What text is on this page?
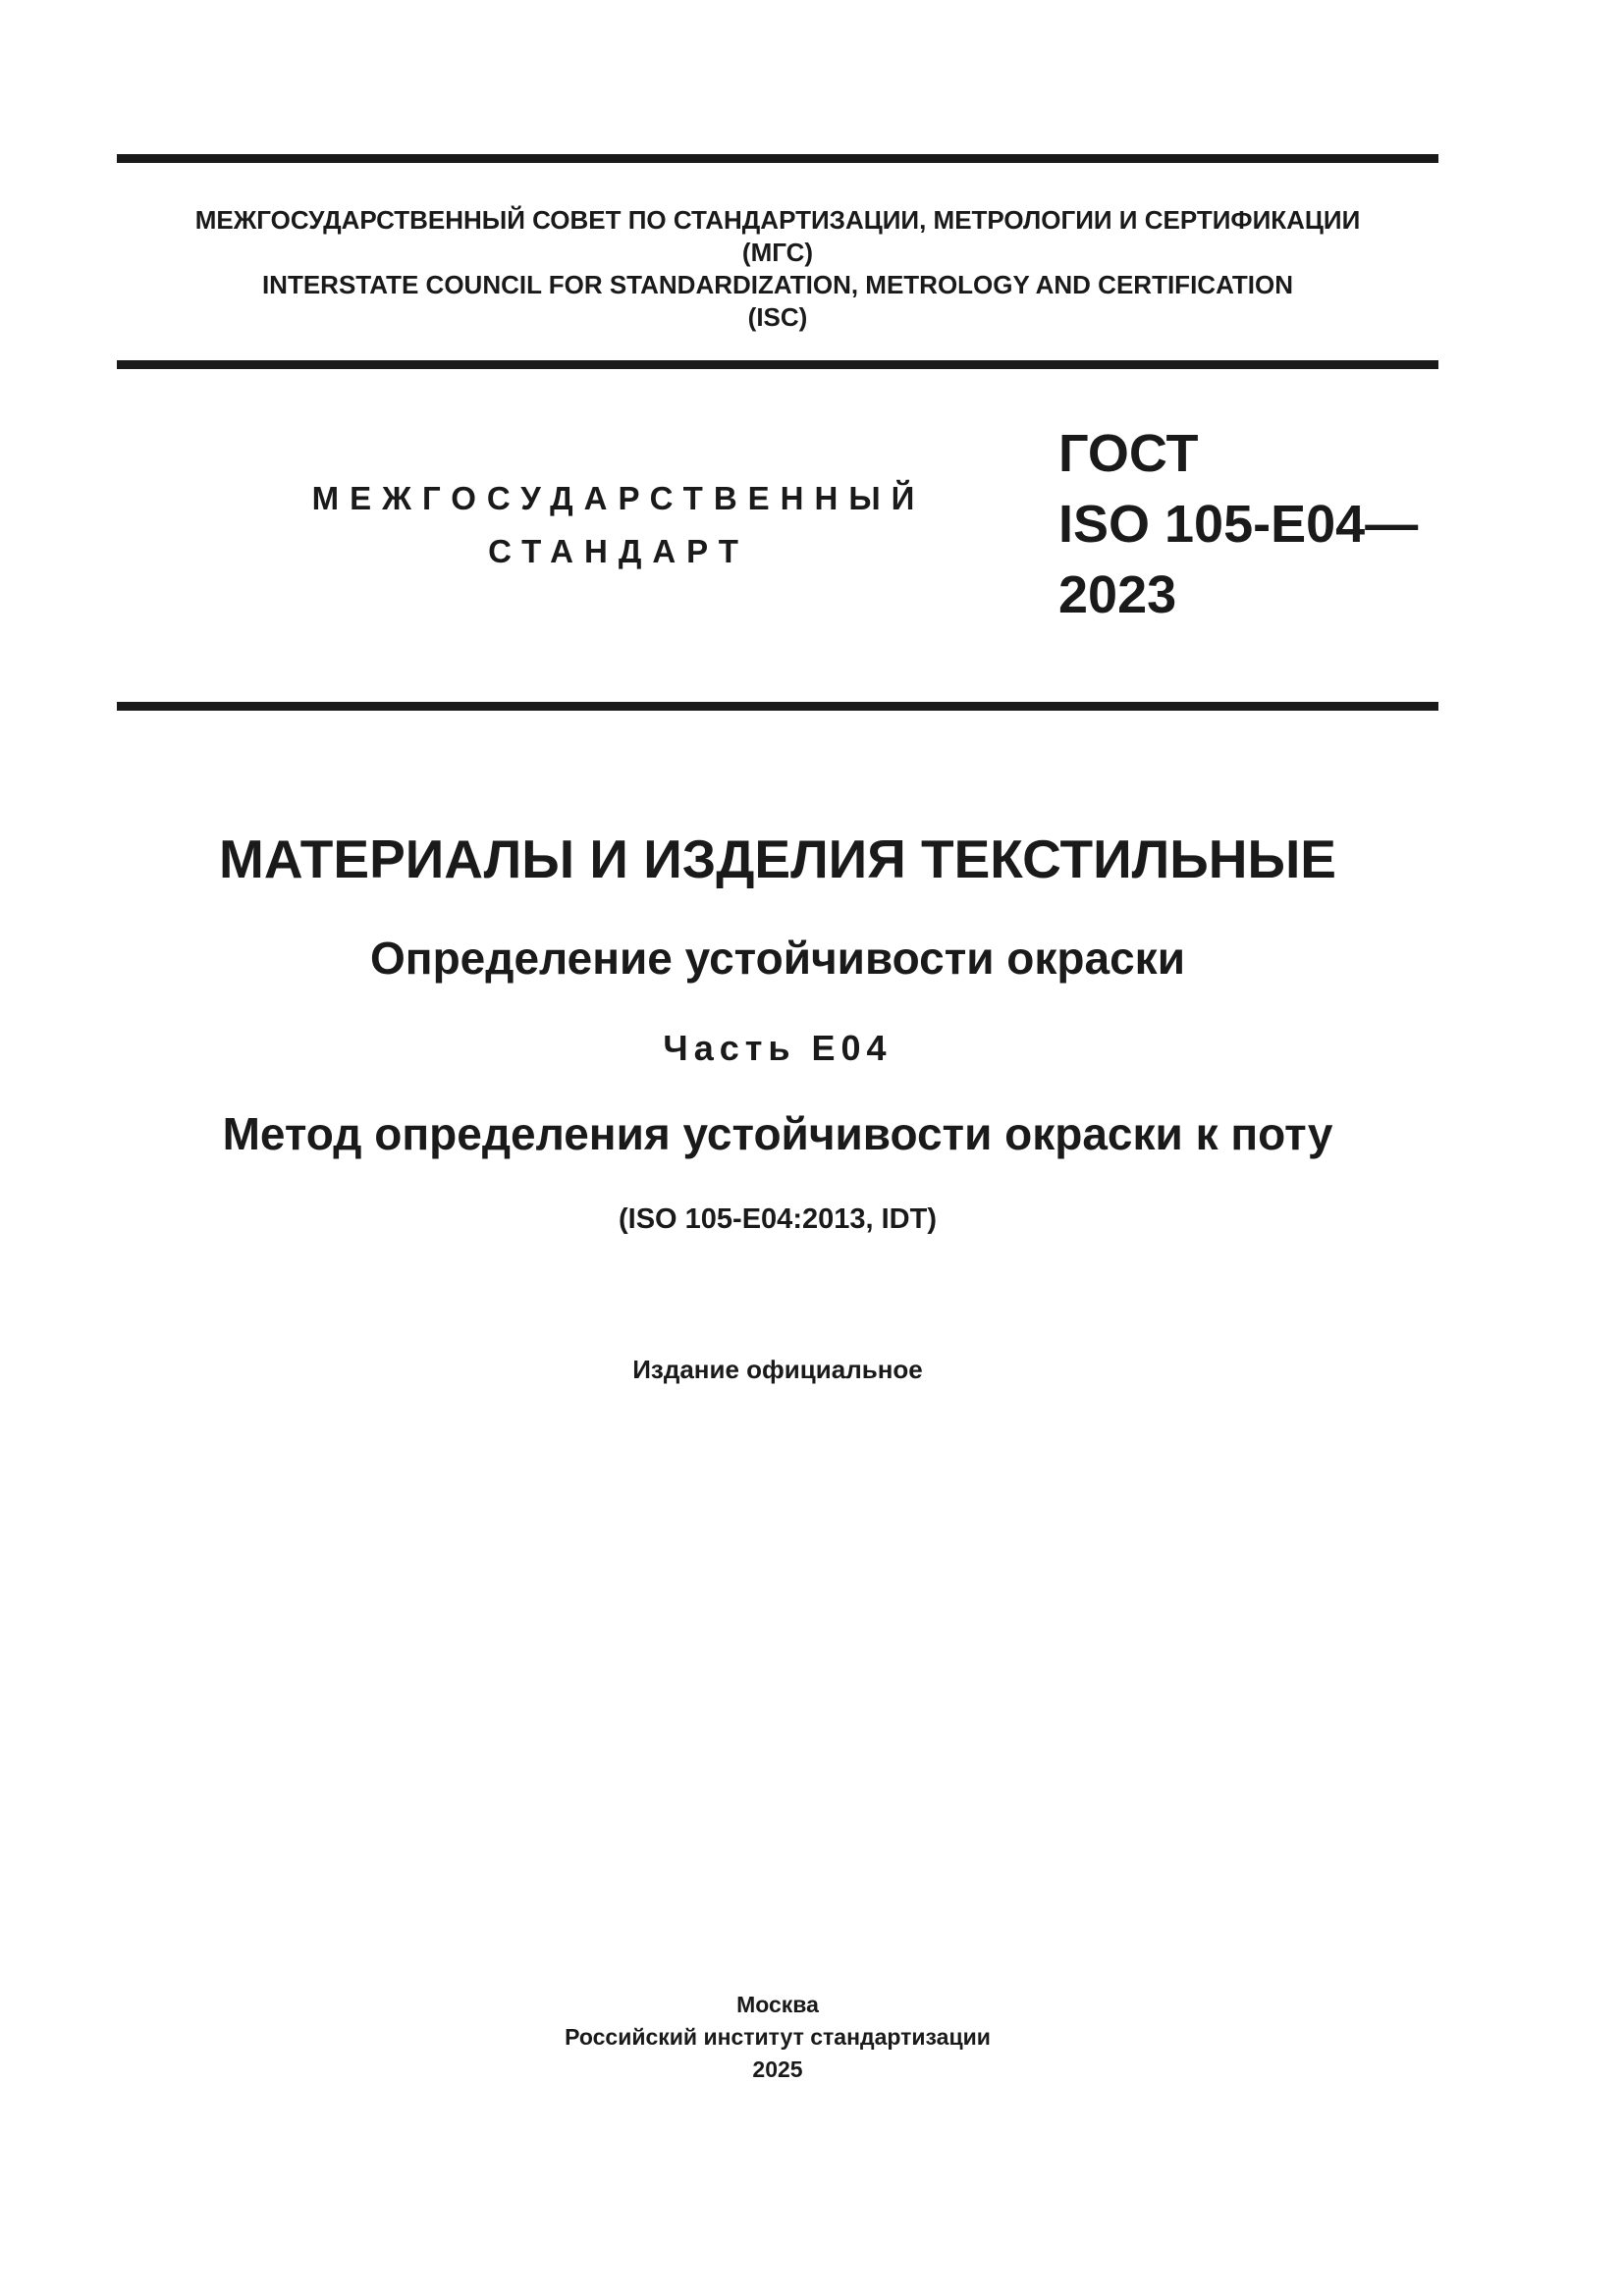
МЕЖГОСУДАРСТВЕННЫЙ СОВЕТ ПО СТАНДАРТИЗАЦИИ, МЕТРОЛОГИИ И СЕРТИФИКАЦИИ
(МГС)
INTERSTATE COUNCIL FOR STANDARDIZATION, METROLOGY AND CERTIFICATION
(ISC)
МЕЖГОСУДАРСТВЕННЫЙ
СТАНДАРТ
ГОСТ
ISO 105-E04—
2023
МАТЕРИАЛЫ И ИЗДЕЛИЯ ТЕКСТИЛЬНЫЕ
Определение устойчивости окраски
Часть E04
Метод определения устойчивости окраски к поту
(ISO 105-E04:2013, IDT)
Издание официальное
Москва
Российский институт стандартизации
2025
